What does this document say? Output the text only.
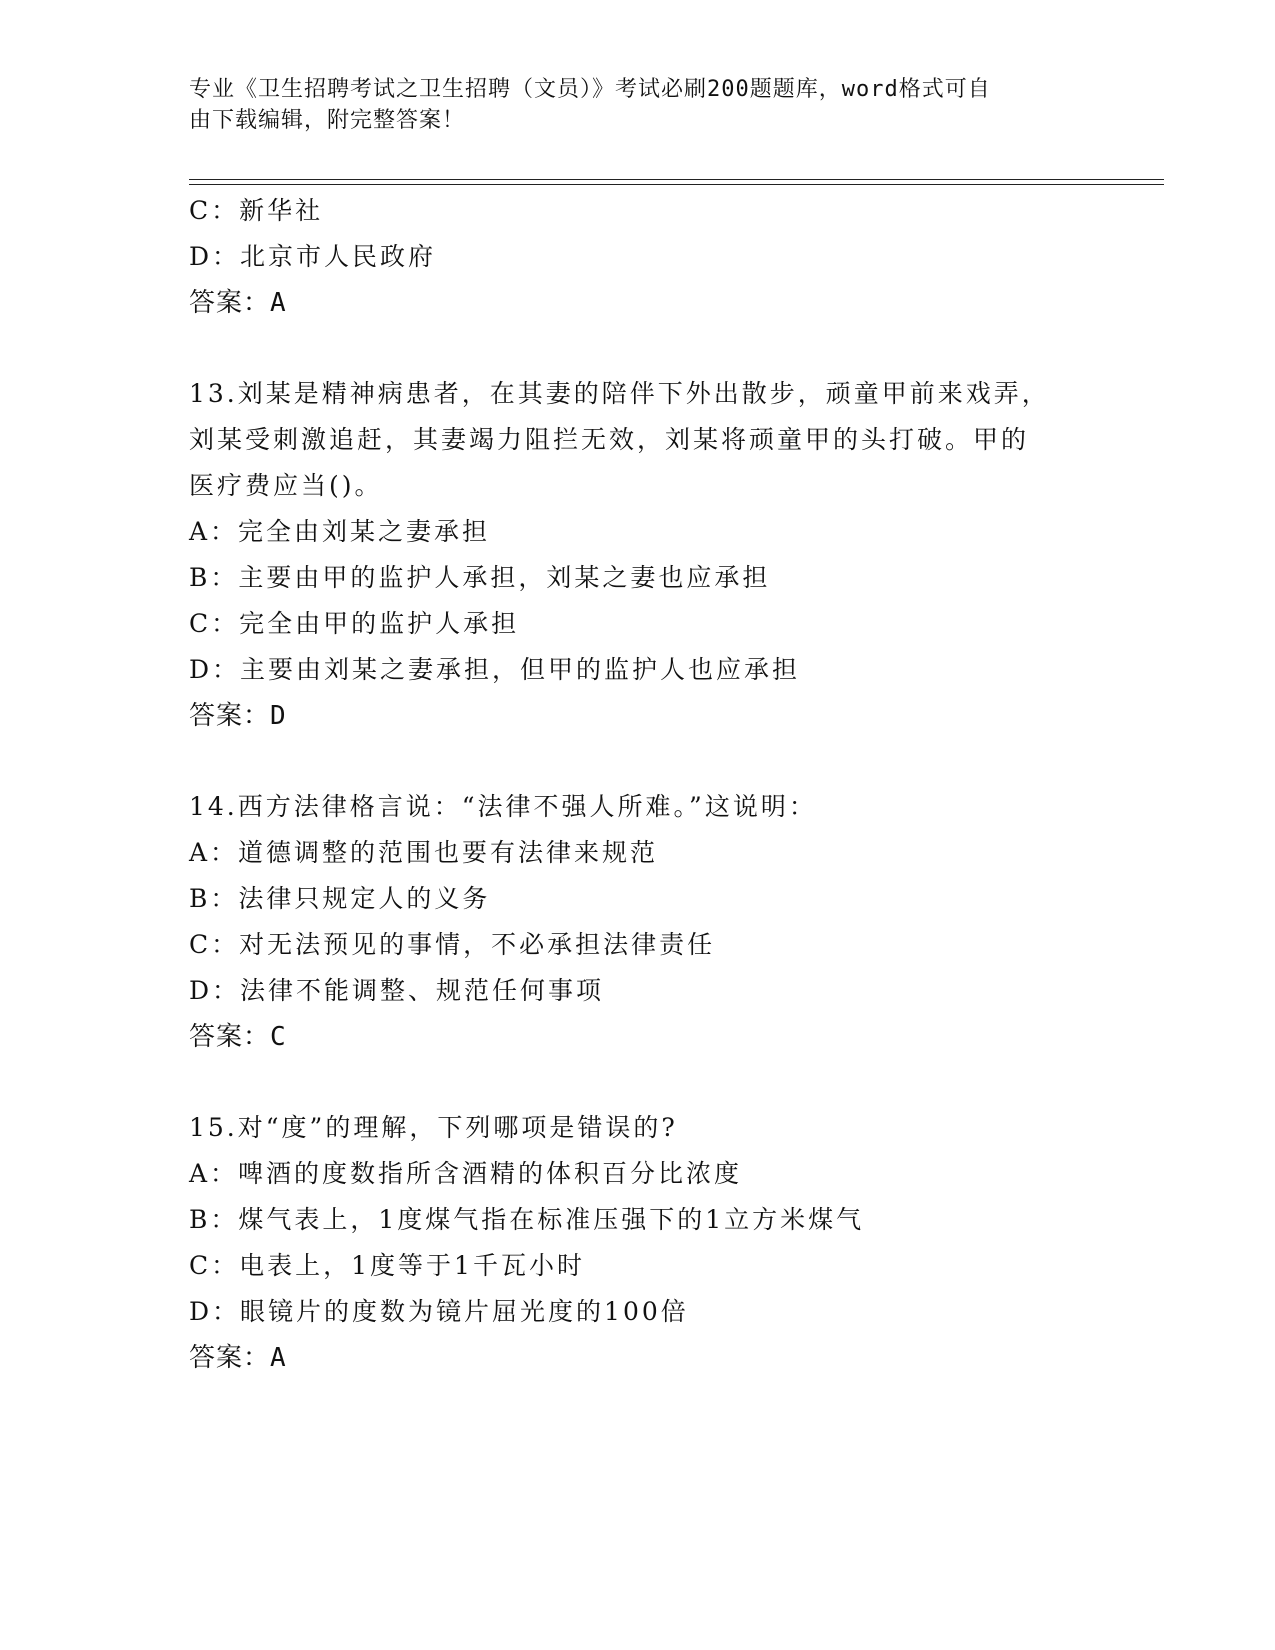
专业《卫生招聘考试之卫生招聘（文员）》考试必刷200题题库，word格式可自
由下载编辑，附完整答案！
C：新华社
D：北京市人民政府
答案：A
13.刘某是精神病患者，在其妻的陪伴下外出散步，顽童甲前来戏弄，
刘某受刺激追赶，其妻竭力阻拦无效，刘某将顽童甲的头打破。甲的
医疗费应当()。
A：完全由刘某之妻承担
B：主要由甲的监护人承担，刘某之妻也应承担
C：完全由甲的监护人承担
D：主要由刘某之妻承担，但甲的监护人也应承担
答案：D
14.西方法律格言说：“法律不强人所难。”这说明：
A：道德调整的范围也要有法律来规范
B：法律只规定人的义务
C：对无法预见的事情，不必承担法律责任
D：法律不能调整、规范任何事项
答案：C
15.对“度”的理解，下列哪项是错误的?
A：啤酒的度数指所含酒精的体积百分比浓度
B：煤气表上，1度煤气指在标准压强下的1立方米煤气
C：电表上，1度等于1千瓦小时
D：眼镜片的度数为镜片屈光度的100倍
答案：A
